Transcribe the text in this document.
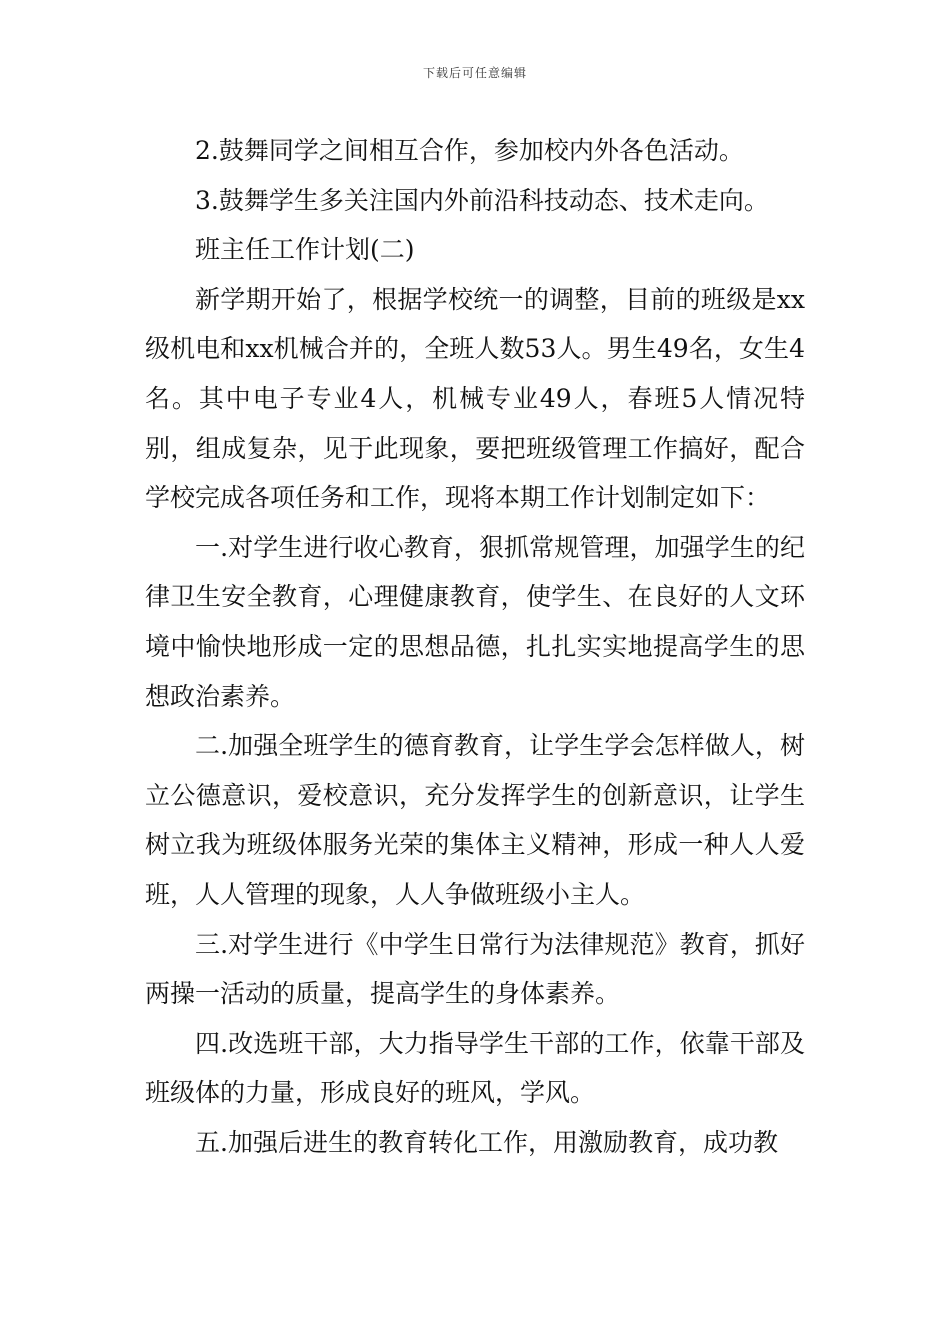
下载后可任意编辑

2.鼓舞同学之间相互合作，参加校内外各色活动。

3.鼓舞学生多关注国内外前沿科技动态、技术走向。

班主任工作计划(二)

新学期开始了，根据学校统一的调整，目前的班级是xx级机电和xx机械合并的，全班人数53人。男生49名，女生4名。其中电子专业4人，机械专业49人，春班5人情况特别，组成复杂，见于此现象，要把班级管理工作搞好，配合学校完成各项任务和工作，现将本期工作计划制定如下：

一.对学生进行收心教育，狠抓常规管理，加强学生的纪律卫生安全教育，心理健康教育，使学生、在良好的人文环境中愉快地形成一定的思想品德，扎扎实实地提高学生的思想政治素养。

二.加强全班学生的德育教育，让学生学会怎样做人，树立公德意识，爱校意识，充分发挥学生的创新意识，让学生树立我为班级体服务光荣的集体主义精神，形成一种人人爱班，人人管理的现象，人人争做班级小主人。

三.对学生进行《中学生日常行为法律规范》教育，抓好两操一活动的质量，提高学生的身体素养。

四.改选班干部，大力指导学生干部的工作，依靠干部及班级体的力量，形成良好的班风，学风。

五.加强后进生的教育转化工作，用激励教育，成功教
